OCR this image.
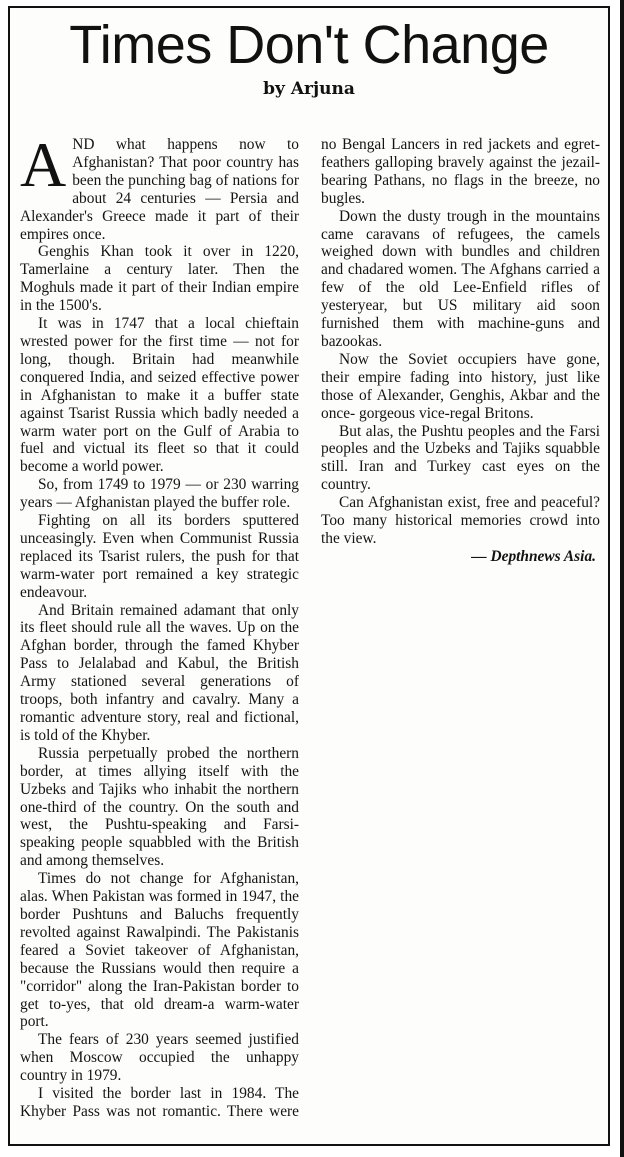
Times Don't Change
by Arjuna

AND what happens now to Afghanistan? That poor country has been the punching bag of nations for about 24 centuries — Persia and Alexander's Greece made it part of their empires once.

Genghis Khan took it over in 1220, Tamerlaine a century later. Then the Moghuls made it part of their Indian empire in the 1500's.

It was in 1747 that a local chieftain wrested power for the first time — not for long, though. Britain had meanwhile conquered India, and seized effective power in Afghanistan to make it a buffer state against Tsarist Russia which badly needed a warm water port on the Gulf of Arabia to fuel and victual its fleet so that it could become a world power.

So, from 1749 to 1979 — or 230 warring years — Afghanistan played the buffer role.

Fighting on all its borders sputtered unceasingly. Even when Communist Russia replaced its Tsarist rulers, the push for that warm-water port remained a key strategic endeavour.

And Britain remained adamant that only its fleet should rule all the waves. Up on the Afghan border, through the famed Khyber Pass to Jelalabad and Kabul, the British Army stationed several generations of troops, both infantry and cavalry. Many a romantic adventure story, real and fictional, is told of the Khyber.

Russia perpetually probed the northern border, at times allying itself with the Uzbeks and Tajiks who inhabit the northern one-third of the country. On the south and west, the Pushtu-speaking and Farsi-speaking people squabbled with the British and among themselves.

Times do not change for Afghanistan, alas. When Pakistan was formed in 1947, the border Pushtuns and Baluchs frequently revolted against Rawalpindi. The Pakistanis feared a Soviet takeover of Afghanistan, because the Russians would then require a "corridor" along the Iran-Pakistan border to get to-yes, that old dream-a warm-water port.

The fears of 230 years seemed justified when Moscow occupied the unhappy country in 1979.

I visited the border last in 1984. The Khyber Pass was not romantic. There were no Bengal Lancers in red jackets and egret- feathers galloping bravely against the jezail-bearing Pathans, no flags in the breeze, no bugles.

Down the dusty trough in the mountains came caravans of refugees, the camels weighed down with bundles and children and chadared women. The Afghans carried a few of the old Lee-Enfield rifles of yesteryear, but US military aid soon furnished them with machine-guns and bazookas.

Now the Soviet occupiers have gone, their empire fading into history, just like those of Alexander, Genghis, Akbar and the once- gorgeous vice-regal Britons.

But alas, the Pushtu peoples and the Farsi peoples and the Uzbeks and Tajiks squabble still. Iran and Turkey cast eyes on the country.

Can Afghanistan exist, free and peaceful? Too many historical memories crowd into the view.

— Depthnews Asia.
